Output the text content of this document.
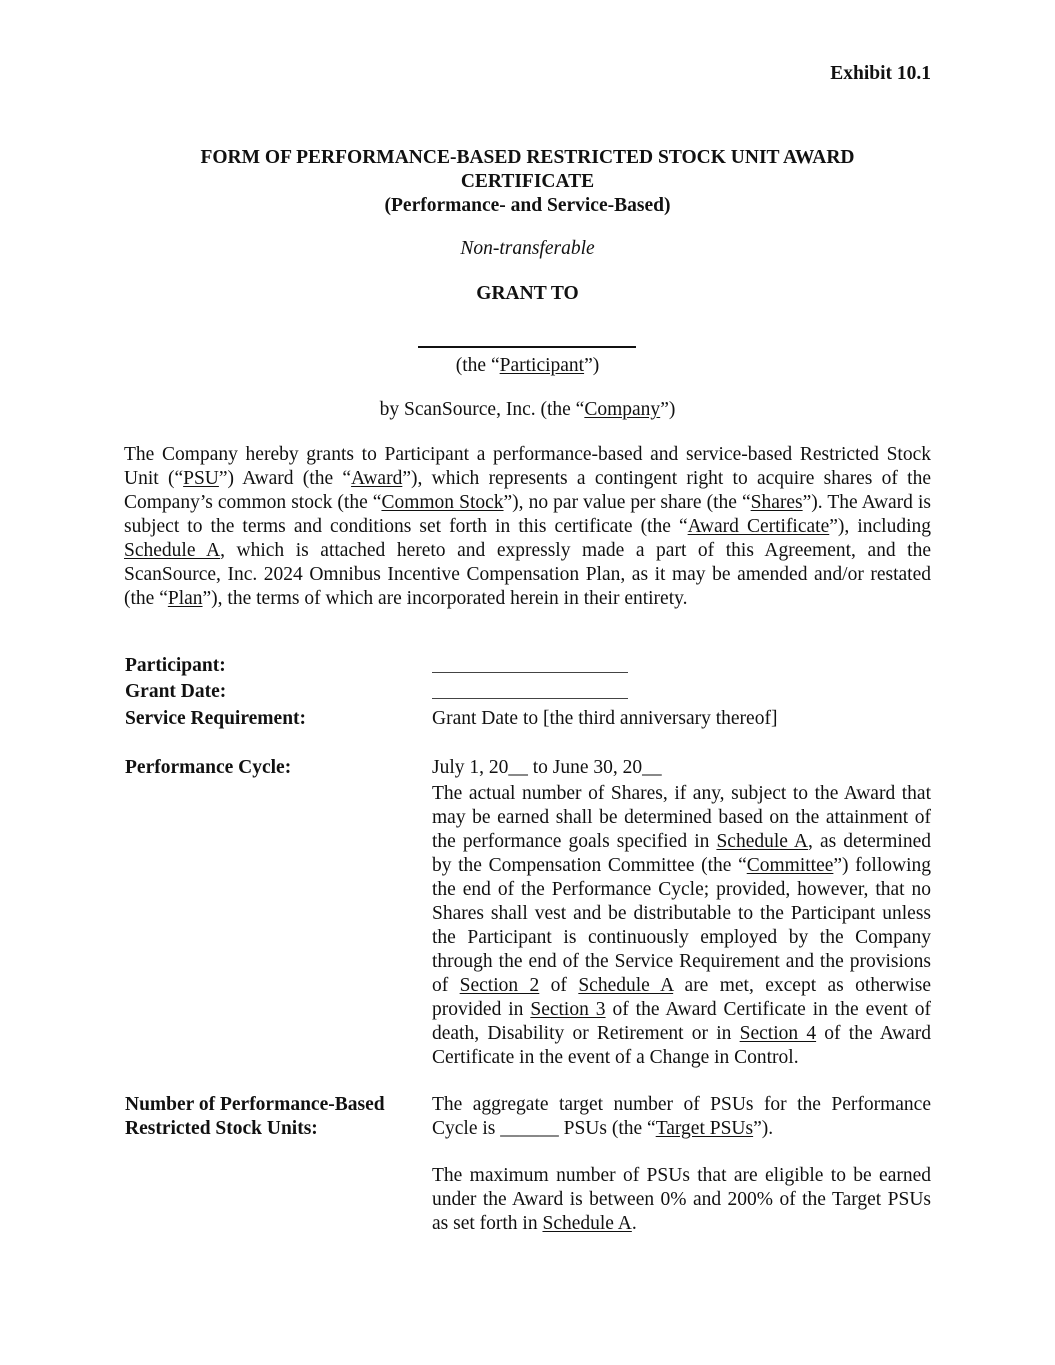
Exhibit 10.1
FORM OF PERFORMANCE-BASED RESTRICTED STOCK UNIT AWARD
CERTIFICATE
(Performance- and Service-Based)
Non-transferable
GRANT TO
(the “Participant”)
by ScanSource, Inc. (the “Company”)
The Company hereby grants to Participant a performance-based and service-based Restricted Stock Unit (“PSU”) Award (the “Award”), which represents a contingent right to acquire shares of the Company’s common stock (the “Common Stock”), no par value per share (the “Shares”). The Award is subject to the terms and conditions set forth in this certificate (the “Award Certificate”), including Schedule A, which is attached hereto and expressly made a part of this Agreement, and the ScanSource, Inc. 2024 Omnibus Incentive Compensation Plan, as it may be amended and/or restated (the “Plan”), the terms of which are incorporated herein in their entirety.
Participant:
Grant Date:
Service Requirement:	Grant Date to [the third anniversary thereof]
Performance Cycle:	July 1, 20__ to June 30, 20__
The actual number of Shares, if any, subject to the Award that may be earned shall be determined based on the attainment of the performance goals specified in Schedule A, as determined by the Compensation Committee (the “Committee”) following the end of the Performance Cycle; provided, however, that no Shares shall vest and be distributable to the Participant unless the Participant is continuously employed by the Company through the end of the Service Requirement and the provisions of Section 2 of Schedule A are met, except as otherwise provided in Section 3 of the Award Certificate in the event of death, Disability or Retirement or in Section 4 of the Award Certificate in the event of a Change in Control.
Number of Performance-Based
Restricted Stock Units:
The aggregate target number of PSUs for the Performance Cycle is ______ PSUs (the “Target PSUs”).
The maximum number of PSUs that are eligible to be earned under the Award is between 0% and 200% of the Target PSUs as set forth in Schedule A.
